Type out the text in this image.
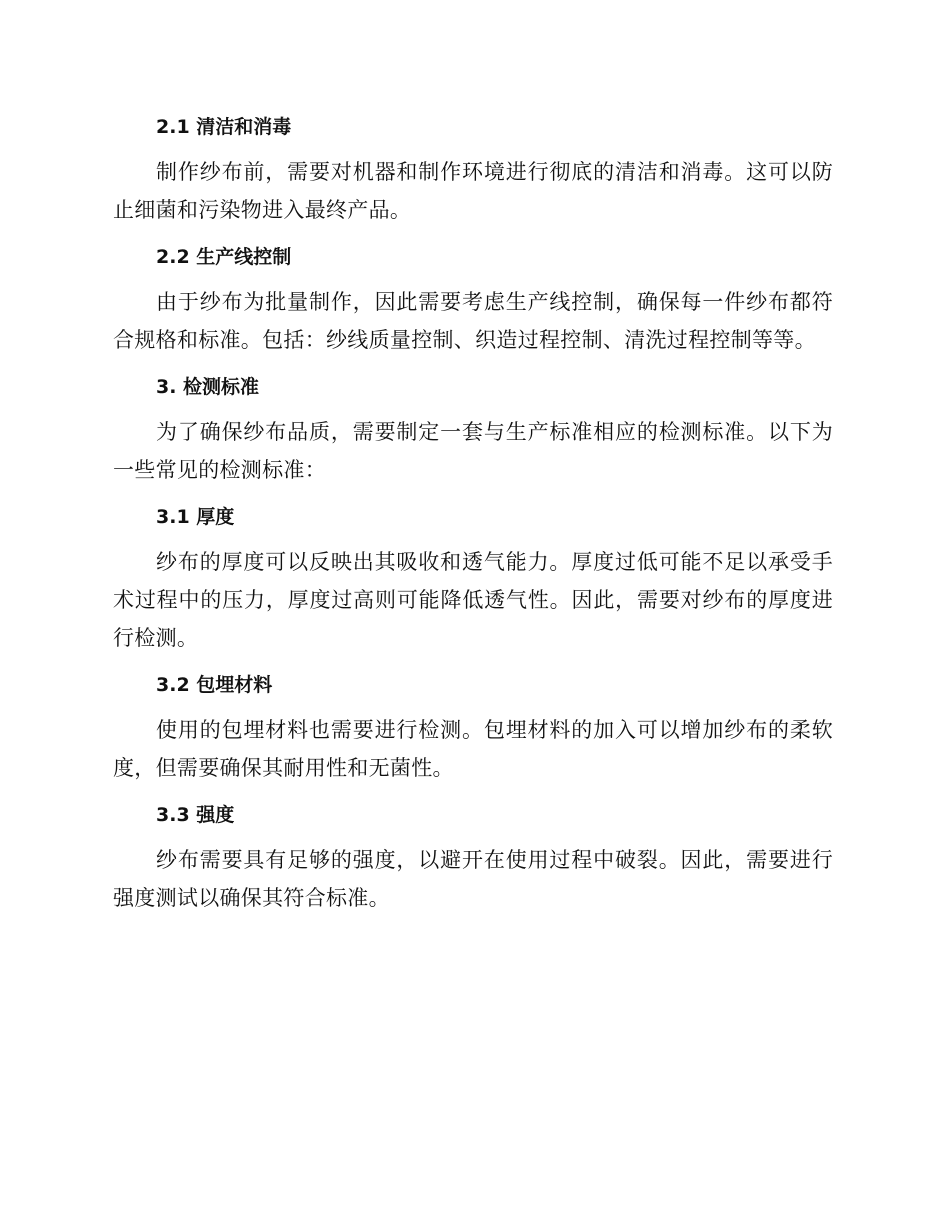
2.1 清洁和消毒

制作纱布前，需要对机器和制作环境进行彻底的清洁和消毒。这可以防止细菌和污染物进入最终产品。

2.2 生产线控制

由于纱布为批量制作，因此需要考虑生产线控制，确保每一件纱布都符合规格和标准。包括：纱线质量控制、织造过程控制、清洗过程控制等等。

3. 检测标准

为了确保纱布品质，需要制定一套与生产标准相应的检测标准。以下为一些常见的检测标准：

3.1 厚度

纱布的厚度可以反映出其吸收和透气能力。厚度过低可能不足以承受手术过程中的压力，厚度过高则可能降低透气性。因此，需要对纱布的厚度进行检测。

3.2 包埋材料

使用的包埋材料也需要进行检测。包埋材料的加入可以增加纱布的柔软度，但需要确保其耐用性和无菌性。

3.3 强度

纱布需要具有足够的强度，以避开在使用过程中破裂。因此，需要进行强度测试以确保其符合标准。
